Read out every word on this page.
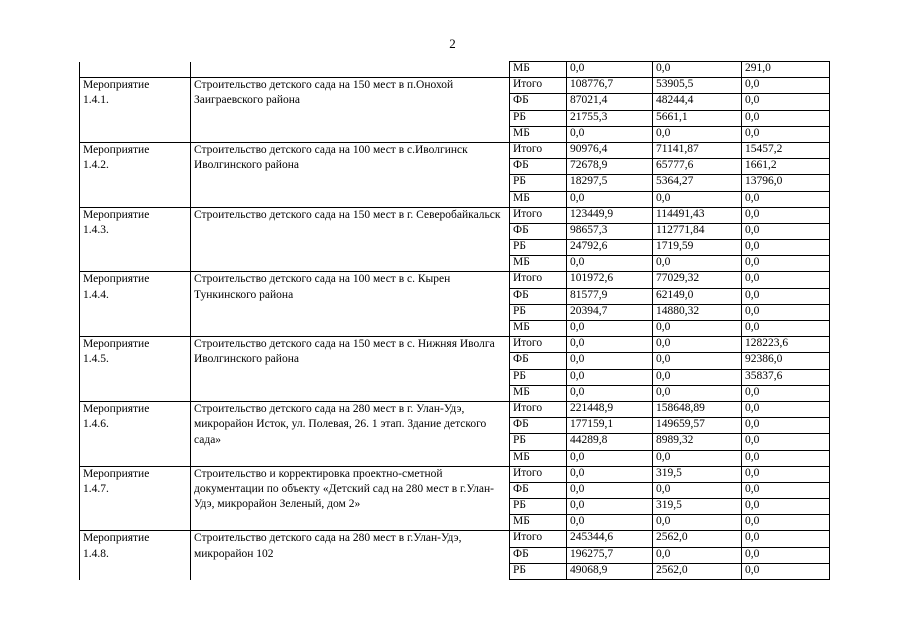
2
		МБ	0,0	0,0	291,0

Мероприятие
1.4.1.	Строительство детского сада на 150 мест в п.Онохой Заиграевского района	Итого	108776,7	53905,5	0,0
		ФБ	87021,4	48244,4	0,0
		РБ	21755,3	5661,1	0,0
		МБ	0,0	0,0	0,0

Мероприятие
1.4.2.	Строительство детского сада на 100 мест в с.Иволгинск Иволгинского района	Итого	90976,4	71141,87	15457,2
		ФБ	72678,9	65777,6	1661,2
		РБ	18297,5	5364,27	13796,0
		МБ	0,0	0,0	0,0

Мероприятие
1.4.3.	Строительство детского сада на 150 мест в г. Северобайкальск	Итого	123449,9	114491,43	0,0
		ФБ	98657,3	112771,84	0,0
		РБ	24792,6	1719,59	0,0
		МБ	0,0	0,0	0,0

Мероприятие
1.4.4.	Строительство детского сада на 100 мест в с. Кырен Тункинского района	Итого	101972,6	77029,32	0,0
		ФБ	81577,9	62149,0	0,0
		РБ	20394,7	14880,32	0,0
		МБ	0,0	0,0	0,0

Мероприятие
1.4.5.	Строительство детского сада на 150 мест в с. Нижняя Иволга Иволгинского района	Итого	0,0	0,0	128223,6
		ФБ	0,0	0,0	92386,0
		РБ	0,0	0,0	35837,6
		МБ	0,0	0,0	0,0

Мероприятие
1.4.6.	Строительство детского сада на 280 мест в г. Улан-Удэ, микрорайон Исток, ул. Полевая, 26. 1 этап. Здание детского сада»	Итого	221448,9	158648,89	0,0
		ФБ	177159,1	149659,57	0,0
		РБ	44289,8	8989,32	0,0
		МБ	0,0	0,0	0,0

Мероприятие
1.4.7.	Строительство и корректировка проектно-сметной документации по объекту «Детский сад на 280 мест в г.Улан-Удэ, микрорайон Зеленый, дом 2»	Итого	0,0	319,5	0,0
		ФБ	0,0	0,0	0,0
		РБ	0,0	319,5	0,0
		МБ	0,0	0,0	0,0

Мероприятие
1.4.8.	Строительство детского сада на 280 мест в г.Улан-Удэ, микрорайон 102	Итого	245344,6	2562,0	0,0
		ФБ	196275,7	0,0	0,0
		РБ	49068,9	2562,0	0,0
